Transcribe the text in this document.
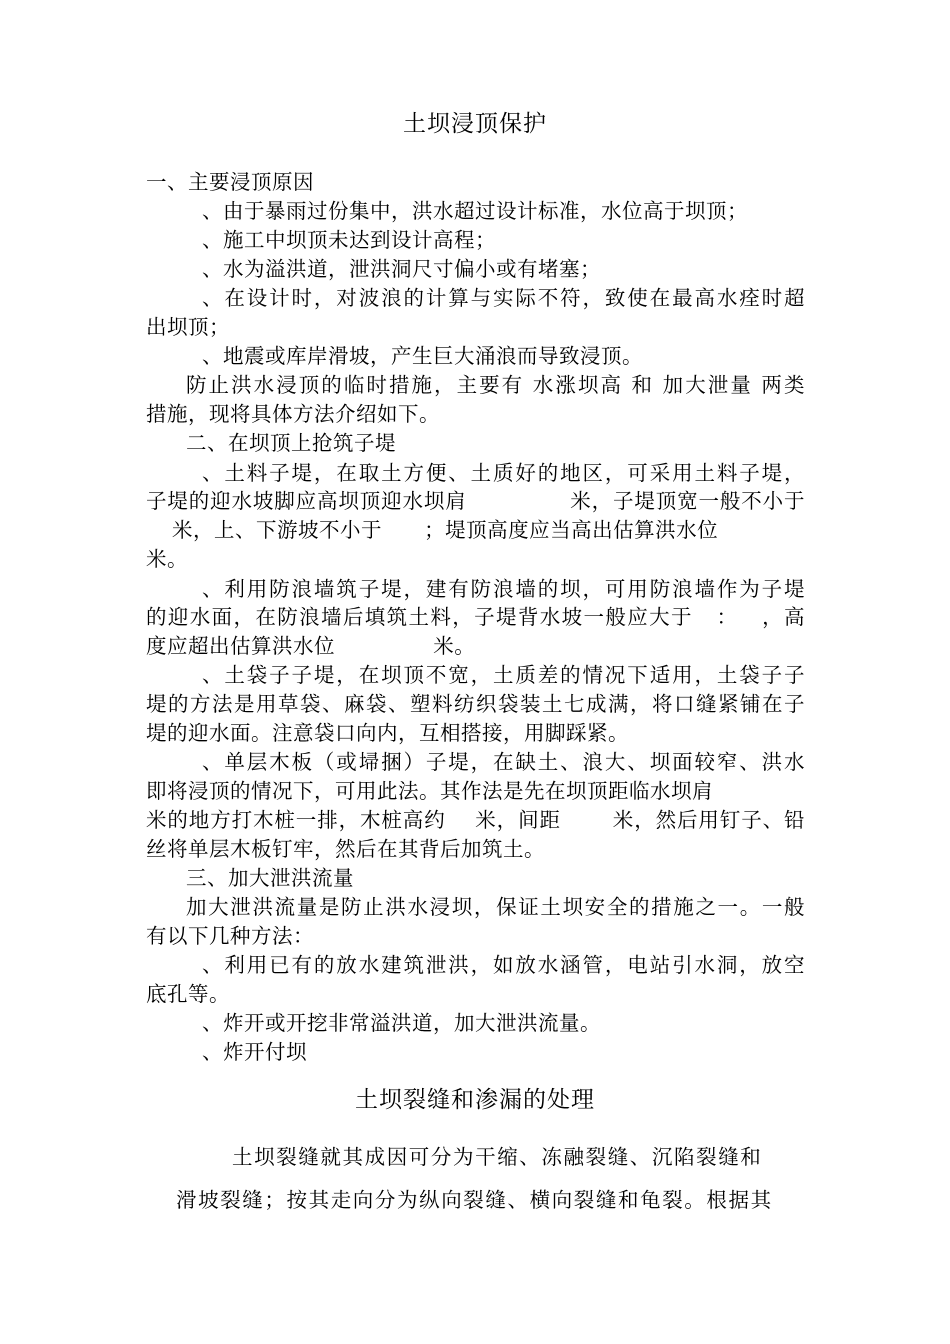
土坝浸顶保护
一、主要浸顶原因
、由于暴雨过份集中，洪水超过设计标准，水位高于坝顶；
、施工中坝顶未达到设计高程；
、水为溢洪道，泄洪洞尺寸偏小或有堵塞；
、在设计时，对波浪的计算与实际不符，致使在最高水痊时超
出坝顶；
、地震或库岸滑坡，产生巨大涌浪而导致浸顶。
防止洪水浸顶的临时措施，主要有 水涨坝高 和 加大泄量 两类
措施，现将具体方法介绍如下。
二、在坝顶上抢筑子堤
、土料子堤，在取土方便、土质好的地区，可采用土料子堤，
子堤的迎水坡脚应高坝顶迎水坝肩              米，子堤顶宽一般不小于
米，上、下游坡不小于      ；堤顶高度应当高出估算洪水位
米。
、利用防浪墙筑子堤，建有防浪墙的坝，可用防浪墙作为子堤
的迎水面，在防浪墙后填筑土料，子堤背水坡一般应大于   ：   ，高
度应超出估算洪水位              米。
、土袋子子堤，在坝顶不宽，土质差的情况下适用，土袋子子
堤的方法是用草袋、麻袋、塑料纺织袋装土七成满，将口缝紧铺在子
堤的迎水面。注意袋口向内，互相搭接，用脚踩紧。
、单层木板（或埽捆）子堤，在缺土、浪大、坝面较窄、洪水
即将浸顶的情况下，可用此法。其作法是先在坝顶距临水坝肩
米的地方打木桩一排，木桩高约    米，间距       米，然后用钉子、铅
丝将单层木板钉牢，然后在其背后加筑土。
三、加大泄洪流量
加大泄洪流量是防止洪水浸坝，保证土坝安全的措施之一。一般
有以下几种方法：
、利用已有的放水建筑泄洪，如放水涵管，电站引水洞，放空
底孔等。
、炸开或开挖非常溢洪道，加大泄洪流量。
、炸开付坝
土坝裂缝和渗漏的处理
土坝裂缝就其成因可分为干缩、冻融裂缝、沉陷裂缝和
滑坡裂缝；按其走向分为纵向裂缝、横向裂缝和龟裂。根据其
